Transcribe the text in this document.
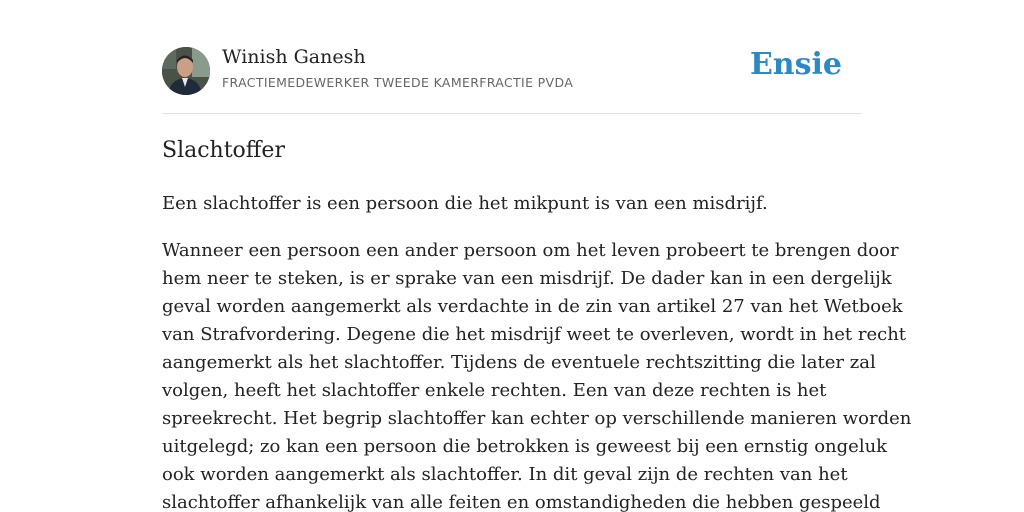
Winish Ganesh
FRACTIEMEDEWERKER TWEEDE KAMERFRACTIE PVDA
Ensie
Slachtoffer

Een slachtoffer is een persoon die het mikpunt is van een misdrijf.

Wanneer een persoon een ander persoon om het leven probeert te brengen door
hem neer te steken, is er sprake van een misdrijf. De dader kan in een dergelijk
geval worden aangemerkt als verdachte in de zin van artikel 27 van het Wetboek
van Strafvordering. Degene die het misdrijf weet te overleven, wordt in het recht
aangemerkt als het slachtoffer. Tijdens de eventuele rechtszitting die later zal
volgen, heeft het slachtoffer enkele rechten. Een van deze rechten is het
spreekrecht. Het begrip slachtoffer kan echter op verschillende manieren worden
uitgelegd; zo kan een persoon die betrokken is geweest bij een ernstig ongeluk
ook worden aangemerkt als slachtoffer. In dit geval zijn de rechten van het
slachtoffer afhankelijk van alle feiten en omstandigheden die hebben gespeeld
